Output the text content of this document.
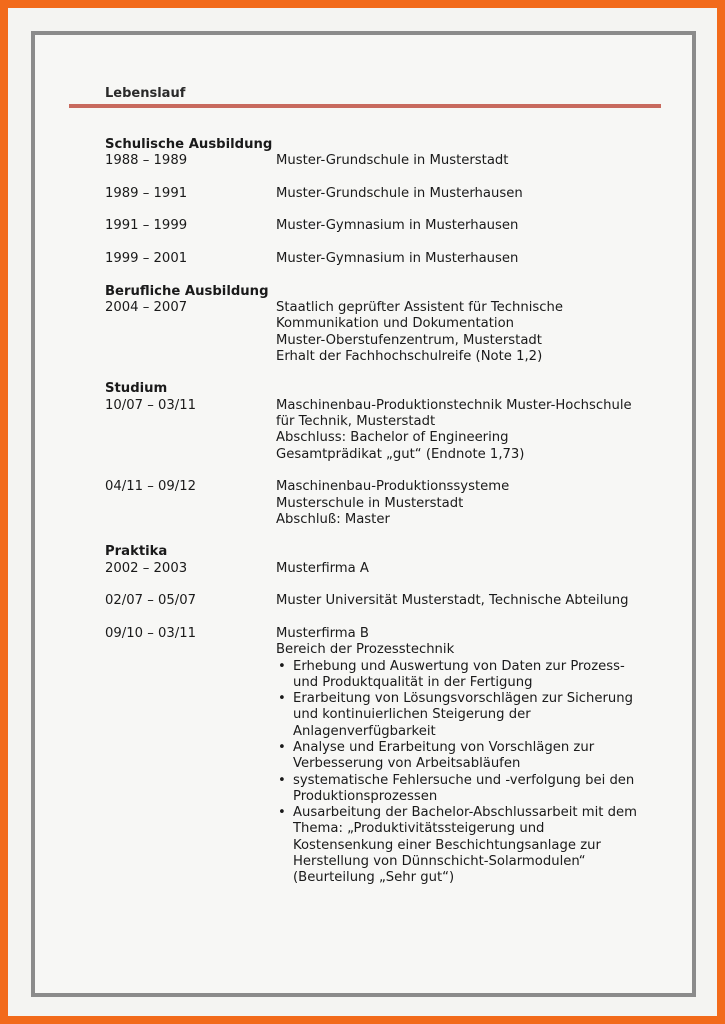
Lebenslauf
Schulische Ausbildung
1988 – 1989	Muster-Grundschule in Musterstadt
1989 – 1991	Muster-Grundschule in Musterhausen
1991 – 1999	Muster-Gymnasium in Musterhausen
1999 – 2001	Muster-Gymnasium in Musterhausen
Berufliche Ausbildung
2004 – 2007	Staatlich geprüfter Assistent für Technische
Kommunikation und Dokumentation
Muster-Oberstufenzentrum, Musterstadt
Erhalt der Fachhochschulreife (Note 1,2)
Studium
10/07 – 03/11	Maschinenbau-Produktionstechnik Muster-Hochschule
für Technik, Musterstadt
Abschluss: Bachelor of Engineering
Gesamtprädikat „gut“ (Endnote 1,73)
04/11 – 09/12	Maschinenbau-Produktionssysteme
Musterschule in Musterstadt
Abschluß: Master
Praktika
2002 – 2003	Musterfirma A
02/07 – 05/07	Muster Universität Musterstadt, Technische Abteilung
09/10 – 03/11	Musterfirma B
Bereich der Prozesstechnik
• Erhebung und Auswertung von Daten zur Prozess-
und Produktqualität in der Fertigung
• Erarbeitung von Lösungsvorschlägen zur Sicherung
und kontinuierlichen Steigerung der
Anlagenverfügbarkeit
• Analyse und Erarbeitung von Vorschlägen zur
Verbesserung von Arbeitsabläufen
• systematische Fehlersuche und -verfolgung bei den
Produktionsprozessen
• Ausarbeitung der Bachelor-Abschlussarbeit mit dem
Thema: „Produktivitätssteigerung und
Kostensenkung einer Beschichtungsanlage zur
Herstellung von Dünnschicht-Solarmodulen“
(Beurteilung „Sehr gut“)
